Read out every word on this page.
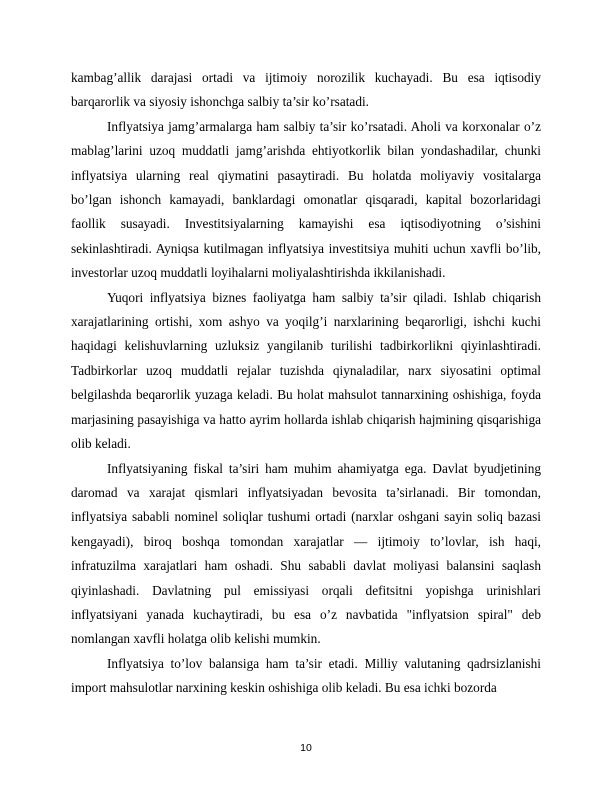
kambag’allik darajasi ortadi va ijtimoiy norozilik kuchayadi. Bu esa iqtisodiy barqarorlik va siyosiy ishonchga salbiy ta’sir ko’rsatadi.

Inflyatsiya jamg’armalarga ham salbiy ta’sir ko’rsatadi. Aholi va korxonalar o’z mablag’larini uzoq muddatli jamg’arishda ehtiyotkorlik bilan yondashadilar, chunki inflyatsiya ularning real qiymatini pasaytiradi. Bu holatda moliyaviy vositalarga bo’lgan ishonch kamayadi, banklardagi omonatlar qisqaradi, kapital bozorlaridagi faollik susayadi. Investitsiyalarning kamayishi esa iqtisodiyotning o’sishini sekinlashtiradi. Ayniqsa kutilmagan inflyatsiya investitsiya muhiti uchun xavfli bo’lib, investorlar uzoq muddatli loyihalarni moliyalashtirishda ikkilanishadi.

Yuqori inflyatsiya biznes faoliyatga ham salbiy ta’sir qiladi. Ishlab chiqarish xarajatlarining ortishi, xom ashyo va yoqilg’i narxlarining beqarorligi, ishchi kuchi haqidagi kelishuvlarning uzluksiz yangilanib turilishi tadbirkorlikni qiyinlashtiradi. Tadbirkorlar uzoq muddatli rejalar tuzishda qiynaladilar, narx siyosatini optimal belgilashda beqarorlik yuzaga keladi. Bu holat mahsulot tannarxining oshishiga, foyda marjasining pasayishiga va hatto ayrim hollarda ishlab chiqarish hajmining qisqarishiga olib keladi.

Inflyatsiyaning fiskal ta’siri ham muhim ahamiyatga ega. Davlat byudjetining daromad va xarajat qismlari inflyatsiyadan bevosita ta’sirlanadi. Bir tomondan, inflyatsiya sababli nominel soliqlar tushumi ortadi (narxlar oshgani sayin soliq bazasi kengayadi), biroq boshqa tomondan xarajatlar — ijtimoiy to’lovlar, ish haqi, infratuzilma xarajatlari ham oshadi. Shu sababli davlat moliyasi balansini saqlash qiyinlashadi. Davlatning pul emissiyasi orqali defitsitni yopishga urinishlari inflyatsiyani yanada kuchaytiradi, bu esa o’z navbatida "inflyatsion spiral" deb nomlangan xavfli holatga olib kelishi mumkin.

Inflyatsiya to’lov balansiga ham ta’sir etadi. Milliy valutaning qadrsizlanishi import mahsulotlar narxining keskin oshishiga olib keladi. Bu esa ichki bozorda

10
